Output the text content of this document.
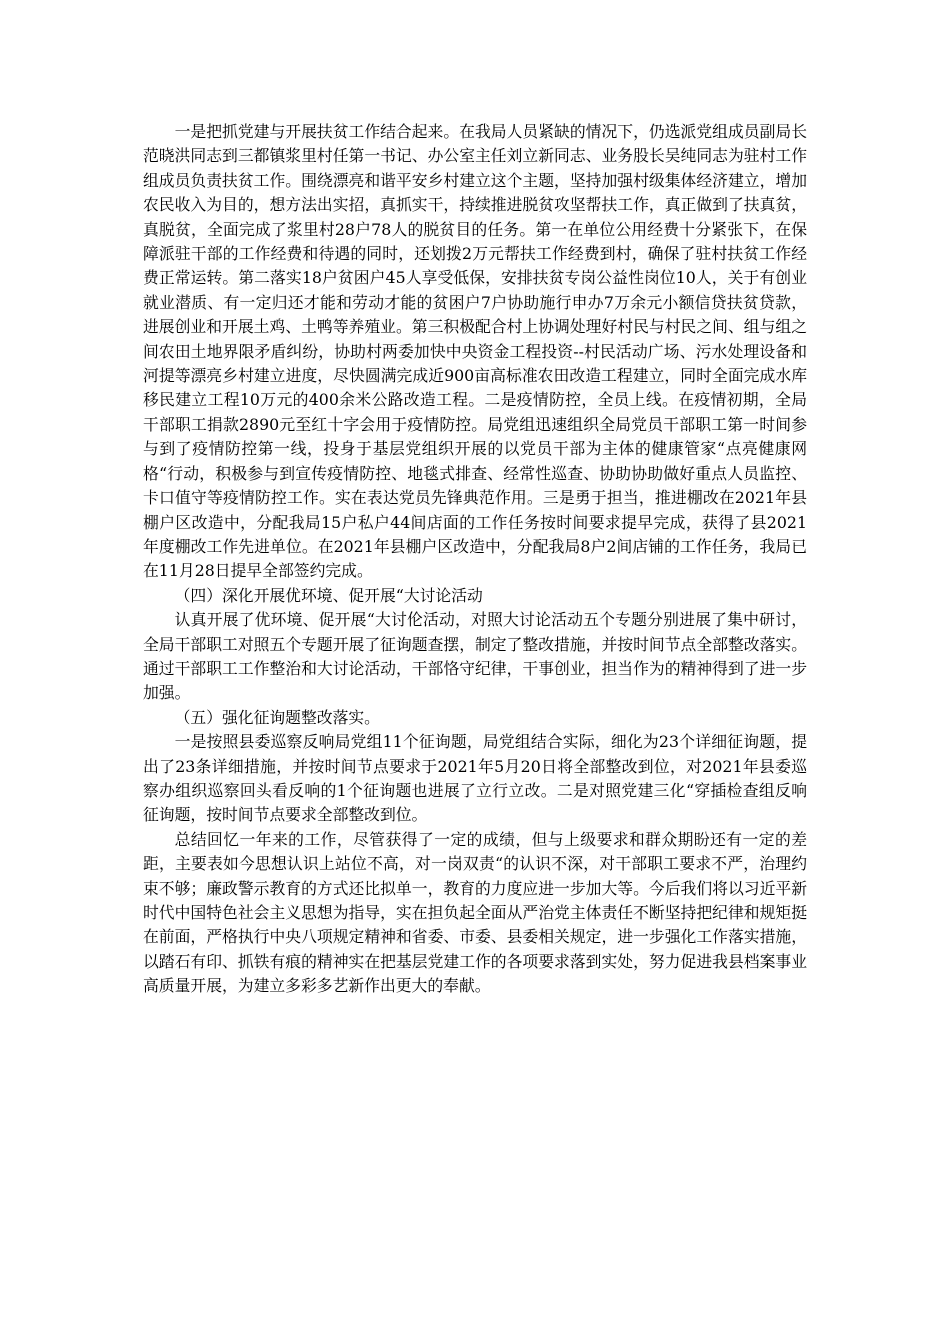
一是把抓党建与开展扶贫工作结合起来。在我局人员紧缺的情况下，仍选派党组成员副局长范晓洪同志到三都镇浆里村任第一书记、办公室主任刘立新同志、业务股长吴纯同志为驻村工作组成员负责扶贫工作。围绕漂亮和谐平安乡村建立这个主题，坚持加强村级集体经济建立，增加农民收入为目的，想方法出实招，真抓实干，持续推进脱贫攻坚帮扶工作，真正做到了扶真贫，真脱贫，全面完成了浆里村28户78人的脱贫目的任务。第一在单位公用经费十分紧张下，在保障派驻干部的工作经费和待遇的同时，还划拨2万元帮扶工作经费到村，确保了驻村扶贫工作经费正常运转。第二落实18户贫困户45人享受低保，安排扶贫专岗公益性岗位10人，关于有创业就业潜质、有一定归还才能和劳动才能的贫困户7户协助施行申办7万余元小额信贷扶贫贷款，进展创业和开展土鸡、土鸭等养殖业。第三积极配合村上协调处理好村民与村民之间、组与组之间农田土地界限矛盾纠纷，协助村两委加快中央资金工程投资--村民活动广场、污水处理设备和河提等漂亮乡村建立进度，尽快圆满完成近900亩高标准农田改造工程建立，同时全面完成水库移民建立工程10万元的400余米公路改造工程。二是疫情防控，全员上线。在疫情初期，全局干部职工捐款2890元至红十字会用于疫情防控。局党组迅速组织全局党员干部职工第一时间参与到了疫情防控第一线，投身于基层党组织开展的以党员干部为主体的健康管家“点亮健康网格“行动，积极参与到宣传疫情防控、地毯式排查、经常性巡查、协助协助做好重点人员监控、卡口值守等疫情防控工作。实在表达党员先锋典范作用。三是勇于担当，推进棚改在2021年县棚户区改造中，分配我局15户私户44间店面的工作任务按时间要求提早完成，获得了县2021年度棚改工作先进单位。在2021年县棚户区改造中，分配我局8户2间店铺的工作任务，我局已在11月28日提早全部签约完成。

（四）深化开展优环境、促开展“大讨论活动

认真开展了优环境、促开展“大讨伦活动，对照大讨论活动五个专题分别进展了集中研讨，全局干部职工对照五个专题开展了征询题查摆，制定了整改措施，并按时间节点全部整改落实。通过干部职工工作整治和大讨论活动，干部恪守纪律，干事创业，担当作为的精神得到了进一步加强。

（五）强化征询题整改落实。

一是按照县委巡察反响局党组11个征询题，局党组结合实际，细化为23个详细征询题，提出了23条详细措施，并按时间节点要求于2021年5月20日将全部整改到位，对2021年县委巡察办组织巡察回头看反响的1个征询题也进展了立行立改。二是对照党建三化“穿插检查组反响征询题，按时间节点要求全部整改到位。

总结回忆一年来的工作，尽管获得了一定的成绩，但与上级要求和群众期盼还有一定的差距，主要表如今思想认识上站位不高，对一岗双责“的认识不深，对干部职工要求不严，治理约束不够；廉政警示教育的方式还比拟单一，教育的力度应进一步加大等。今后我们将以习近平新时代中国特色社会主义思想为指导，实在担负起全面从严治党主体责任不断坚持把纪律和规矩挺在前面，严格执行中央八项规定精神和省委、市委、县委相关规定，进一步强化工作落实措施，以踏石有印、抓铁有痕的精神实在把基层党建工作的各项要求落到实处，努力促进我县档案事业高质量开展，为建立多彩多艺新作出更大的奉献。
